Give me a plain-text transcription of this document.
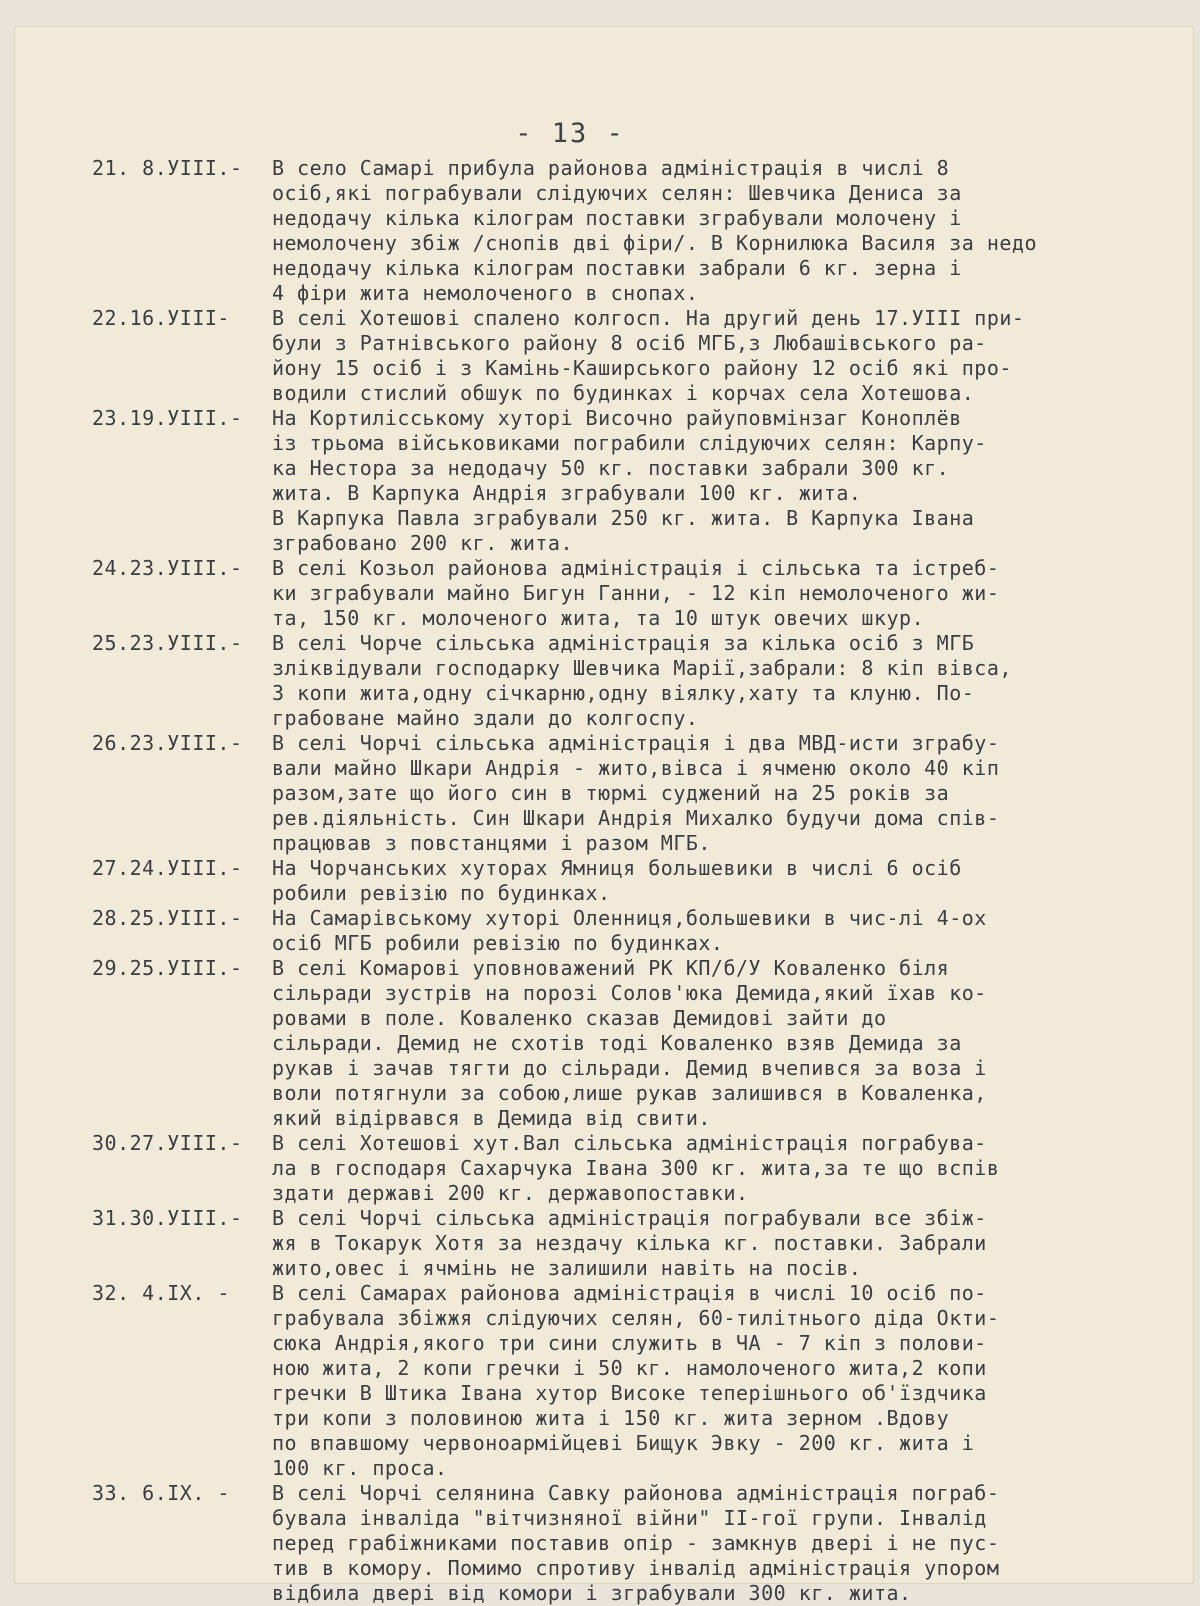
- 13 -
21. 8.УІІІ.-	В село Самарі прибула районова адміністрація в числі 8
осіб,які пограбували слідуючих селян: Шевчика Дениса за
недодачу кілька кілограм поставки зграбували молочену і
немолочену збіж /снопів дві фіри/. В Корнилюка Василя за недо
недодачу кілька кілограм поставки забрали 6 кг. зерна і
4 фіри жита немолоченого в снопах.
22.16.УІІІ-	В селі Хотешові спалено колгосп. На другий день 17.УІІІ при-
були з Ратнівського району 8 осіб МГБ,з Любашівського ра-
йону 15 осіб і з Камінь-Каширського району 12 осіб які про-
водили стислий обшук по будинках і корчах села Хотешова.
23.19.УІІІ.-	На Кортилісському хуторі Височно райуповмінзаг Коноплёв
із трьома військовиками пограбили слідуючих селян: Карпу-
ка Нестора за недодачу 50 кг. поставки забрали 300 кг.
жита. В Карпука Андрія зграбували 100 кг. жита.
В Карпука Павла зграбували 250 кг. жита. В Карпука Івана
зграбовано 200 кг. жита.
24.23.УІІІ.-	В селі Козьол районова адміністрація і сільська та істреб-
ки зграбували майно Бигун Ганни, - 12 кіп немолоченого жи-
та, 150 кг. молоченого жита, та 10 штук овечих шкур.
25.23.УІІІ.-	В селі Чорче сільська адміністрація за кілька осіб з МГБ
зліквідували господарку Шевчика Марії,забрали: 8 кіп вівса,
3 копи жита,одну січкарню,одну віялку,хату та клуню. По-
грабоване майно здали до колгоспу.
26.23.УІІІ.-	В селі Чорчі сільська адміністрація і два МВД-исти зграбу-
вали майно Шкари Андрія - жито,вівса і ячменю около 40 кіп
разом,зате що його син в тюрмі суджений на 25 років за
рев.діяльність. Син Шкари Андрія Михалко будучи дома спів-
працював з повстанцями і разом МГБ.
27.24.УІІІ.-	На Чорчанських хуторах Ямниця большевики в числі 6 осіб
робили ревізію по будинках.
28.25.УІІІ.-	На Самарівському хуторі Оленниця,большевики в чис-лі 4-ох
осіб МГБ робили ревізію по будинках.
29.25.УІІІ.-	В селі Комарові уповноважений РК КП/б/У Коваленко біля
сільради зустрів на порозі Солов'юка Демида,який їхав ко-
ровами в поле. Коваленко сказав Демидові зайти до
сільради. Демид не схотів тоді Коваленко взяв Демида за
рукав і зачав тягти до сільради. Демид вчепився за воза і
воли потягнули за собою,лише рукав залишився в Коваленка,
який відірвався в Демида від свити.
30.27.УІІІ.-	В селі Хотешові хут.Вал сільська адміністрація пограбува-
ла в господаря Сахарчука Івана 300 кг. жита,за те що вспів
здати державі 200 кг. державопоставки.
31.30.УІІІ.-	В селі Чорчі сільська адміністрація пограбували все збіж-
жя в Токарук Хотя за нездачу кілька кг. поставки. Забрали
жито,овес і ячмінь не залишили навіть на посів.
32. 4.ІХ. -	В селі Самарах районова адміністрація в числі 10 осіб по-
грабувала збіжжя слідуючих селян, 60-тилітнього діда Окти-
сюка Андрія,якого три сини служить в ЧА - 7 кіп з полови-
ною жита, 2 копи гречки і 50 кг. намолоченого жита,2 копи
гречки В Штика Івана хутор Високе теперішнього об'їздчика
три копи з половиною жита і 150 кг. жита зерном .Вдову
по впавшому червоноармійцеві Бищук Эвку - 200 кг. жита і
100 кг. проса.
33. 6.ІХ. -	В селі Чорчі селянина Савку районова адміністрація пограб-
бувала інваліда "вітчизняної війни" ІІ-гої групи. Інвалід
перед грабіжниками поставив опір - замкнув двері і не пус-
тив в комору. Помимо спротиву інвалід адміністрація упором
відбила двері від комори і зграбували 300 кг. жита.
